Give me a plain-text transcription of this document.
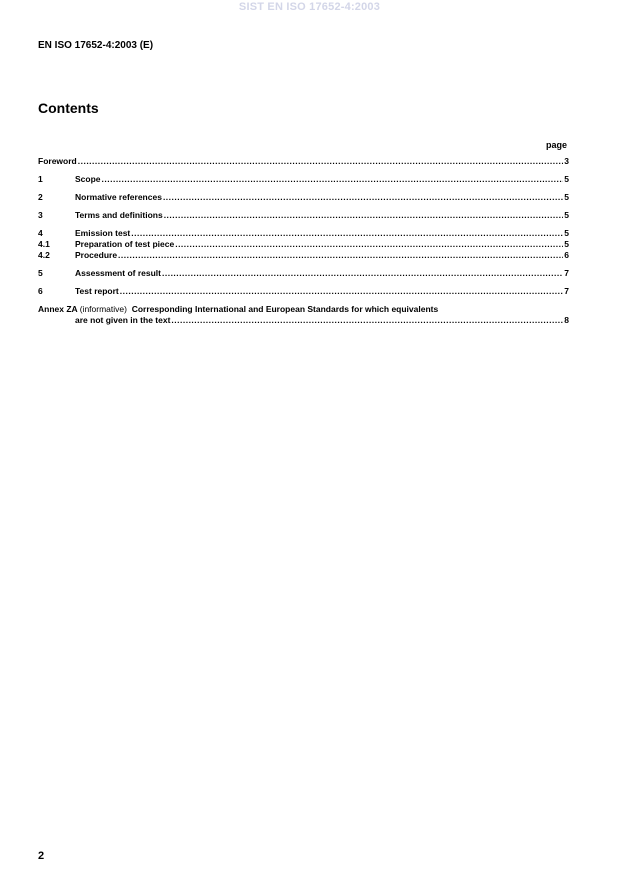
SIST EN ISO 17652-4:2003
EN ISO 17652-4:2003 (E)
Contents
page
Foreword .....	3
1	Scope .....	5
2	Normative references .....	5
3	Terms and definitions .....	5
4	Emission test .....	5
4.1	Preparation of test piece .....	5
4.2	Procedure .....	6
5	Assessment of result .....	7
6	Test report .....	7
Annex ZA (informative) Corresponding International and European Standards for which equivalents
are not given in the text .....	8
2
